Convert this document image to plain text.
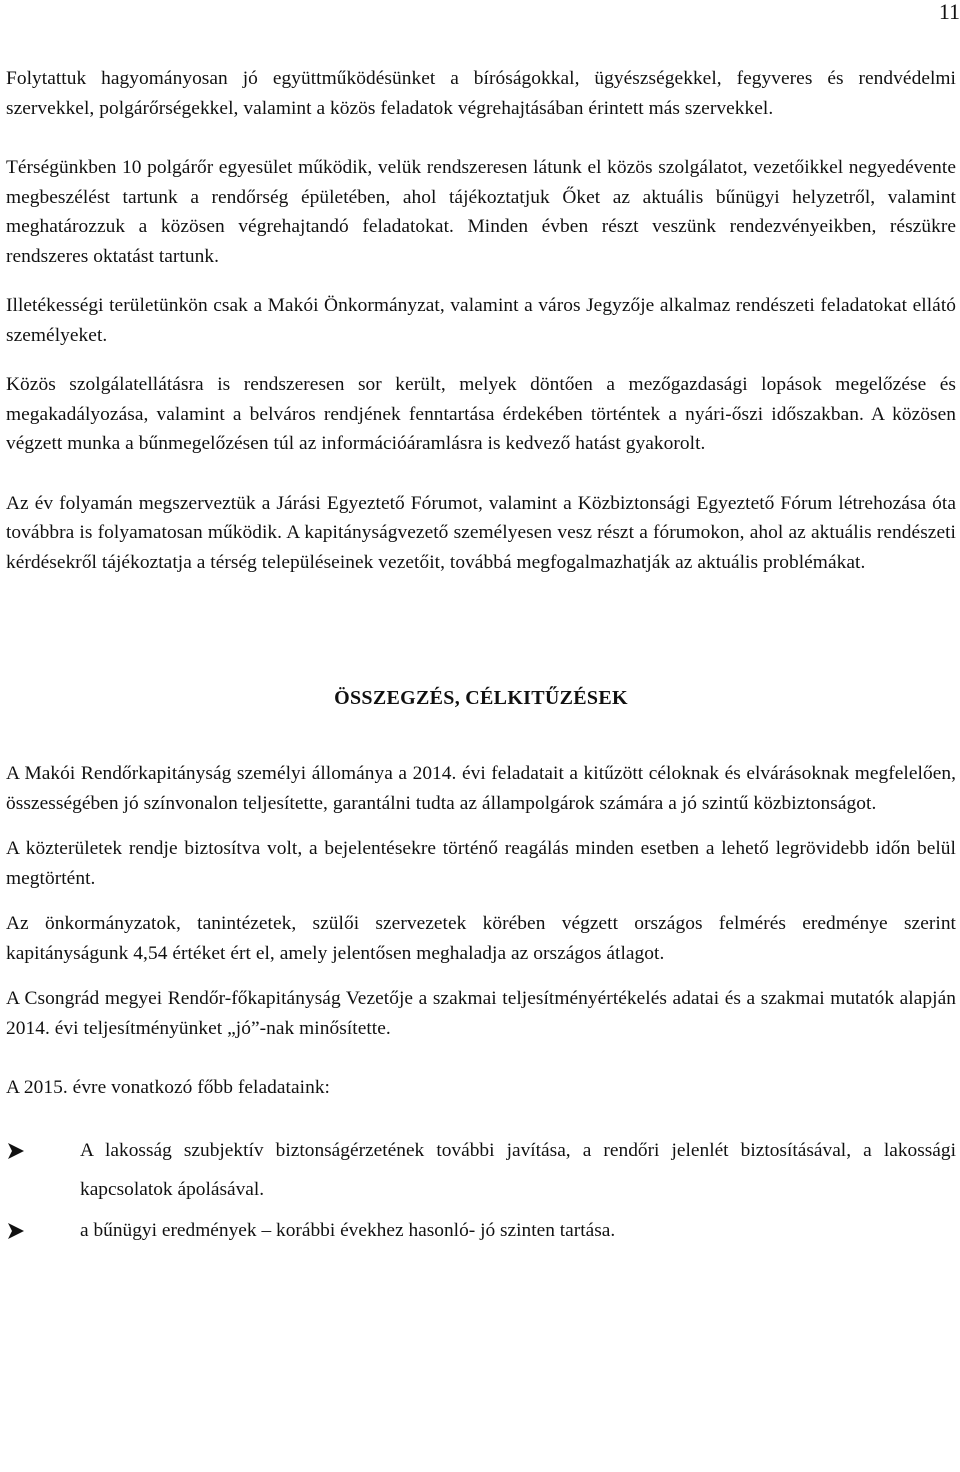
11

Folytattuk hagyományosan jó együttműködésünket a bíróságokkal, ügyészségekkel, fegyveres és rendvédelmi szervekkel, polgárőrségekkel, valamint a közös feladatok végrehajtásában érintett más szervekkel.

Térségünkben 10 polgárőr egyesület működik, velük rendszeresen látunk el közös szolgálatot, vezetőikkel negyedévente megbeszélést tartunk a rendőrség épületében, ahol tájékoztatjuk Őket az aktuális bűnügyi helyzetről, valamint meghatározzuk a közösen végrehajtandó feladatokat. Minden évben részt veszünk rendezvényeikben, részükre rendszeres oktatást tartunk.

Illetékességi területünkön csak a Makói Önkormányzat, valamint a város Jegyzője alkalmaz rendészeti feladatokat ellátó személyeket.

Közös szolgálatellátásra is rendszeresen sor került, melyek döntően a mezőgazdasági lopások megelőzése és megakadályozása, valamint a belváros rendjének fenntartása érdekében történtek a nyári-őszi időszakban. A közösen végzett munka a bűnmegelőzésen túl az információáramlásra is kedvező hatást gyakorolt.

Az év folyamán megszerveztük a Járási Egyeztető Fórumot, valamint a Közbiztonsági Egyeztető Fórum létrehozása óta továbbra is folyamatosan működik. A kapitányságvezető személyesen vesz részt a fórumokon, ahol az aktuális rendészeti kérdésekről tájékoztatja a térség településeinek vezetőit, továbbá megfogalmazhatják az aktuális problémákat.

ÖSSZEGZÉS, CÉLKITŰZÉSEK

A Makói Rendőrkapitányság személyi állománya a 2014. évi feladatait a kitűzött céloknak és elvárásoknak megfelelően, összességében jó színvonalon teljesítette, garantálni tudta az állampolgárok számára a jó szintű közbiztonságot.

A közterületek rendje biztosítva volt, a bejelentésekre történő reagálás minden esetben a lehető legrövidebb időn belül megtörtént.

Az önkormányzatok, tanintézetek, szülői szervezetek körében végzett országos felmérés eredménye szerint kapitányságunk 4,54 értéket ért el, amely jelentősen meghaladja az országos átlagot.

A Csongrád megyei Rendőr-főkapitányság Vezetője a szakmai teljesítményértékelés adatai és a szakmai mutatók alapján 2014. évi teljesítményünket „jó”-nak minősítette.

A 2015. évre vonatkozó főbb feladataink:

A lakosság szubjektív biztonságérzetének további javítása, a rendőri jelenlét biztosításával, a lakossági kapcsolatok ápolásával.
a bűnügyi eredmények – korábbi évekhez hasonló- jó szinten tartása.
